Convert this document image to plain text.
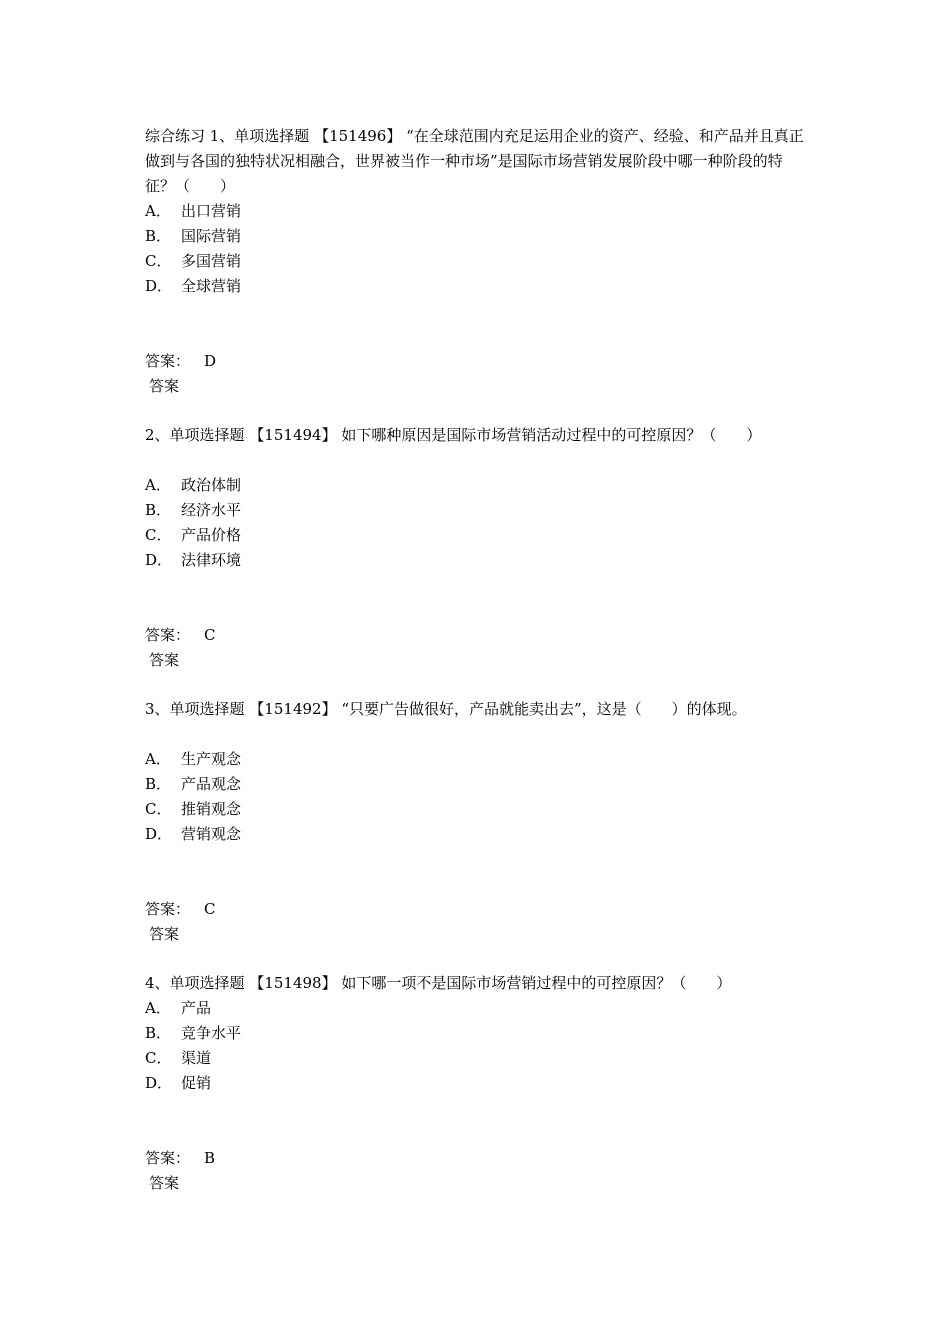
综合练习 1、单项选择题 【151496】 “在全球范围内充足运用企业的资产、经验、和产品并且真正做到与各国的独特状况相融合，世界被当作一种市场”是国际市场营销发展阶段中哪一种阶段的特征？（　　）
A． 出口营销
B． 国际营销
C． 多国营销
D． 全球营销
答案： D
答案
2、单项选择题 【151494】 如下哪种原因是国际市场营销活动过程中的可控原因？（　　）
A． 政治体制
B． 经济水平
C． 产品价格
D． 法律环境
答案： C
答案
3、单项选择题 【151492】 “只要广告做很好，产品就能卖出去”，这是（　　）的体现。
A． 生产观念
B． 产品观念
C． 推销观念
D． 营销观念
答案： C
答案
4、单项选择题 【151498】 如下哪一项不是国际市场营销过程中的可控原因？（　　）
A． 产品
B． 竞争水平
C． 渠道
D． 促销
答案： B
答案
